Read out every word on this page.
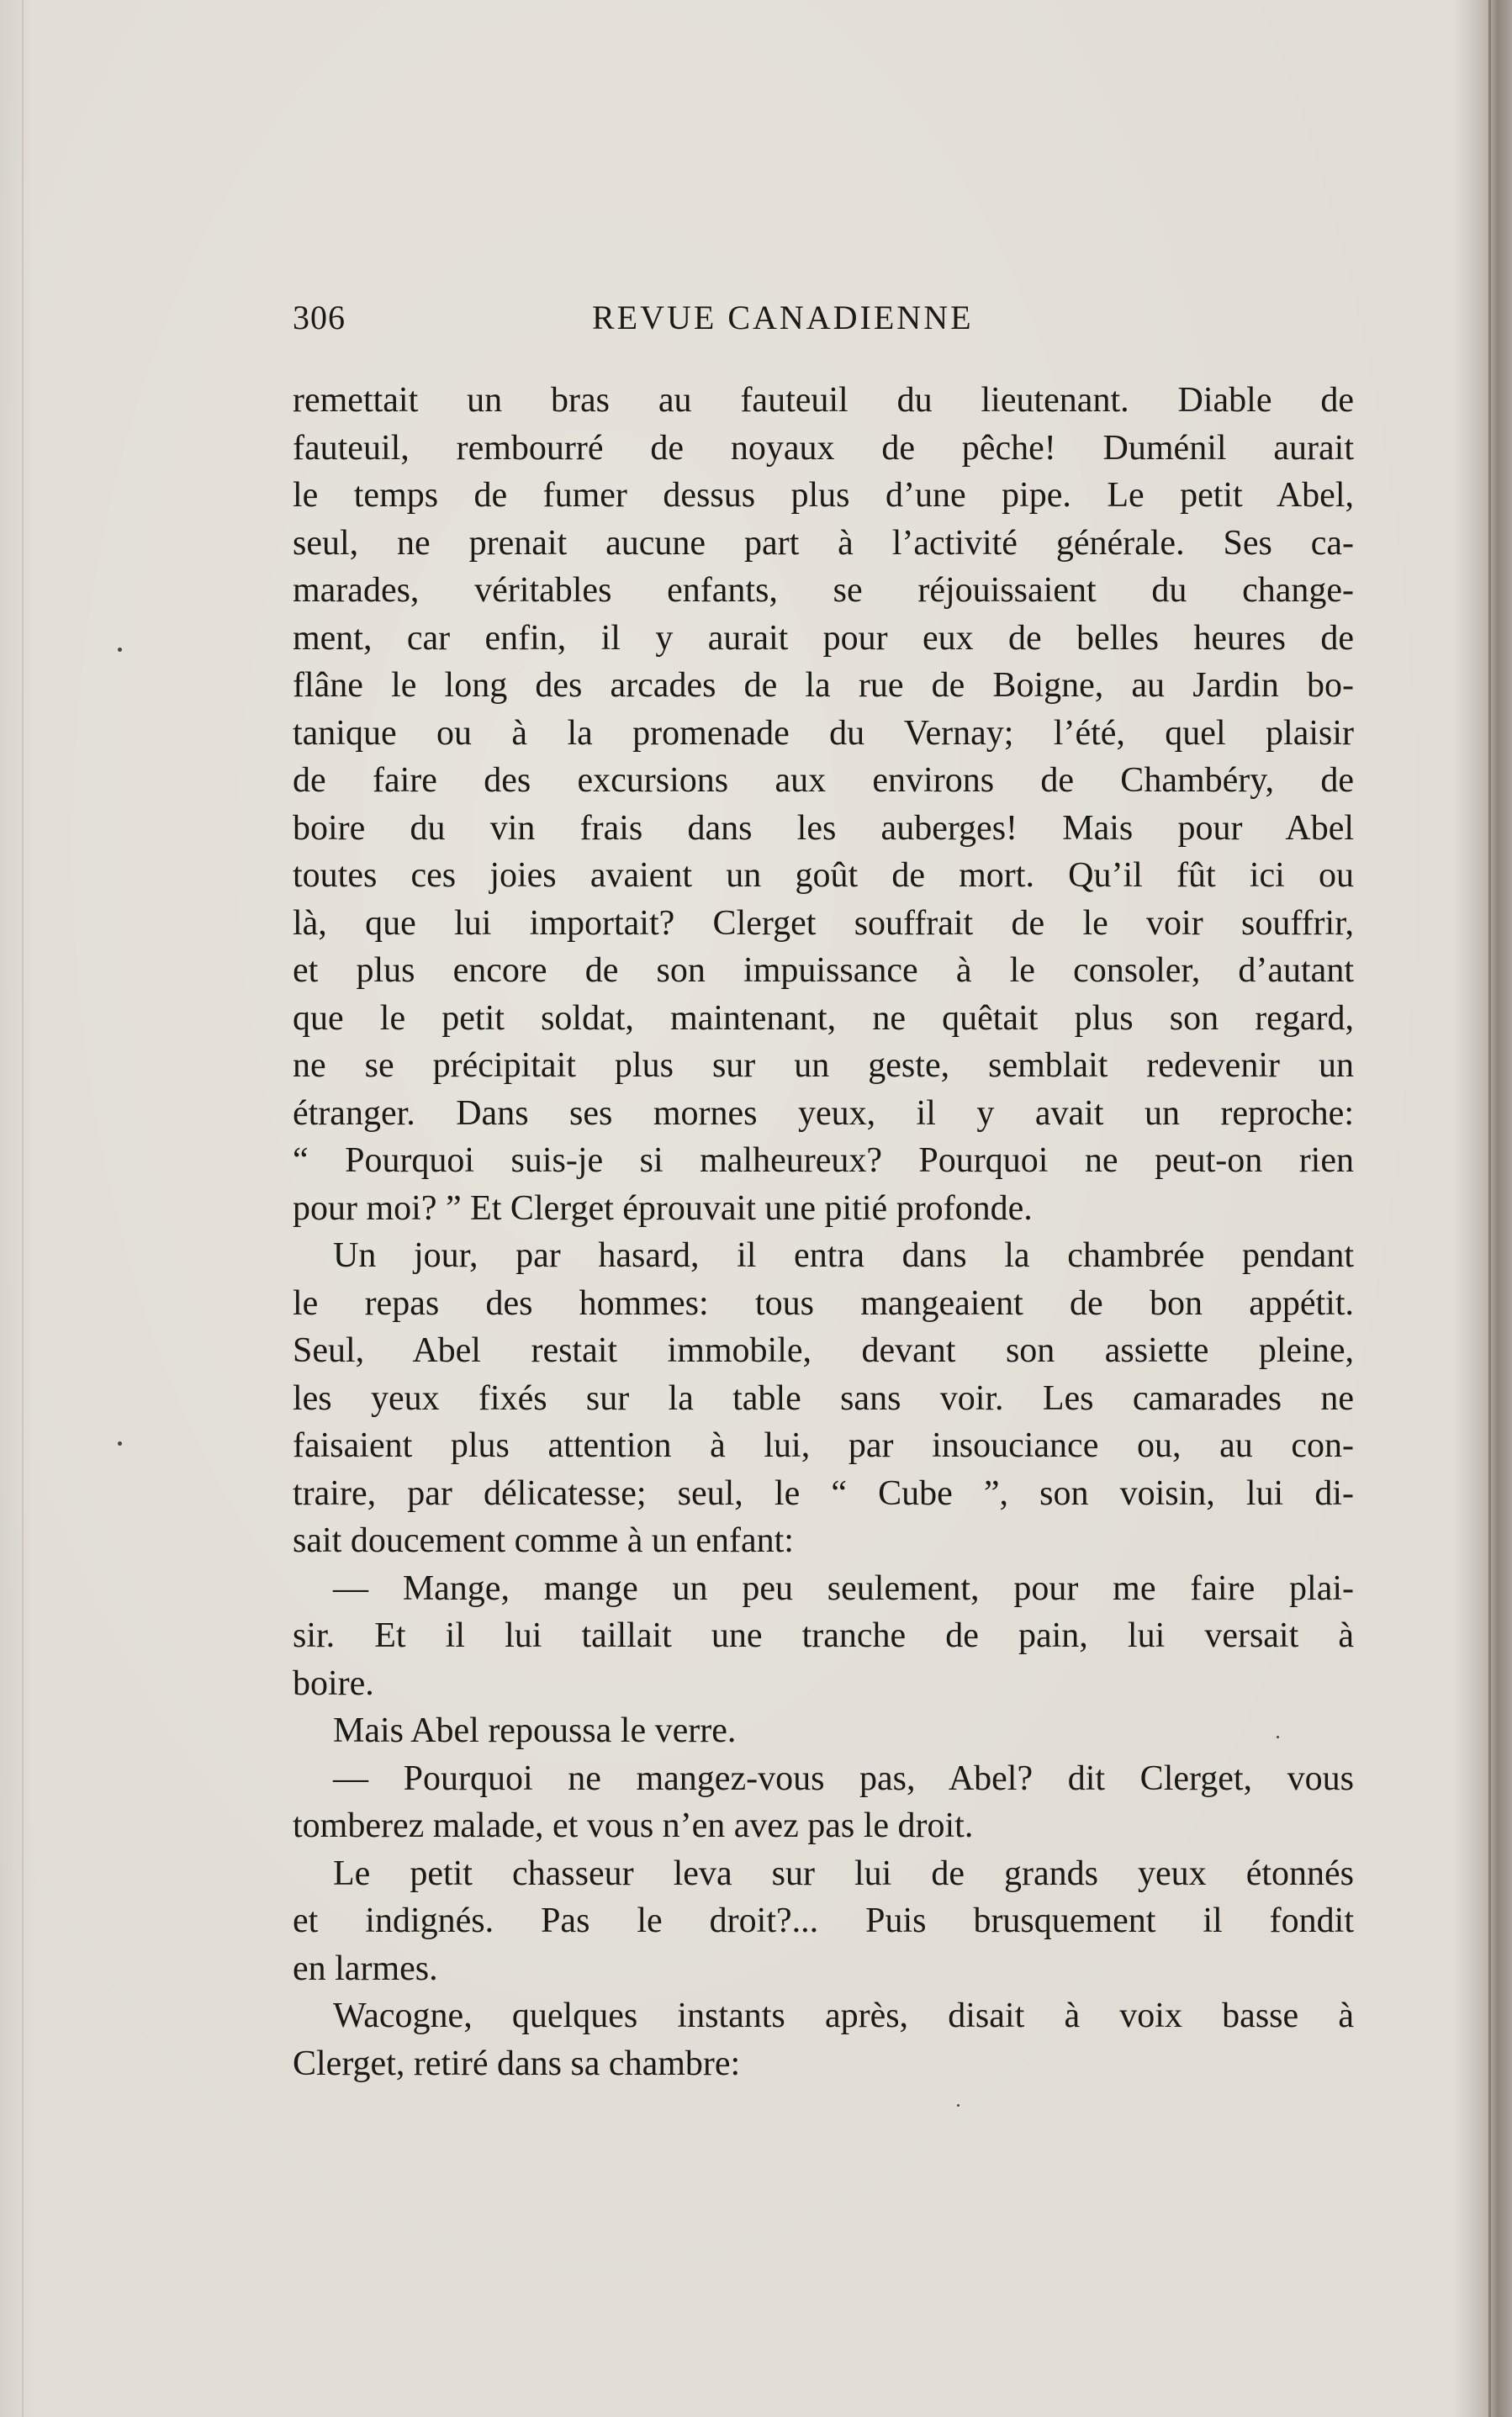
306	REVUE CANADIENNE
remettait un bras au fauteuil du lieutenant. Diable de
fauteuil, rembourré de noyaux de pêche! Duménil aurait
le temps de fumer dessus plus d’une pipe. Le petit Abel,
seul, ne prenait aucune part à l’activité générale. Ses ca-
marades, véritables enfants, se réjouissaient du change-
ment, car enfin, il y aurait pour eux de belles heures de
flâne le long des arcades de la rue de Boigne, au Jardin bo-
tanique ou à la promenade du Vernay; l’été, quel plaisir
de faire des excursions aux environs de Chambéry, de
boire du vin frais dans les auberges! Mais pour Abel
toutes ces joies avaient un goût de mort. Qu’il fût ici ou
là, que lui importait? Clerget souffrait de le voir souffrir,
et plus encore de son impuissance à le consoler, d’autant
que le petit soldat, maintenant, ne quêtait plus son regard,
ne se précipitait plus sur un geste, semblait redevenir un
étranger. Dans ses mornes yeux, il y avait un reproche:
“ Pourquoi suis-je si malheureux? Pourquoi ne peut-on rien
pour moi? ” Et Clerget éprouvait une pitié profonde.
Un jour, par hasard, il entra dans la chambrée pendant
le repas des hommes: tous mangeaient de bon appétit.
Seul, Abel restait immobile, devant son assiette pleine,
les yeux fixés sur la table sans voir. Les camarades ne
faisaient plus attention à lui, par insouciance ou, au con-
traire, par délicatesse; seul, le “ Cube ”, son voisin, lui di-
sait doucement comme à un enfant:
— Mange, mange un peu seulement, pour me faire plai-
sir. Et il lui taillait une tranche de pain, lui versait à
boire.
Mais Abel repoussa le verre.
— Pourquoi ne mangez-vous pas, Abel? dit Clerget, vous
tomberez malade, et vous n’en avez pas le droit.
Le petit chasseur leva sur lui de grands yeux étonnés
et indignés. Pas le droit?... Puis brusquement il fondit
en larmes.
Wacogne, quelques instants après, disait à voix basse à
Clerget, retiré dans sa chambre:
